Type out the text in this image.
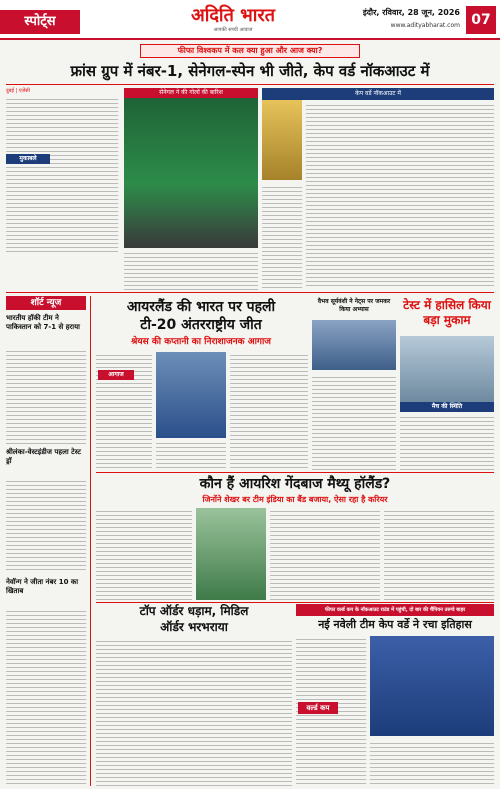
स्पोर्ट्स	अदिति भारत
आपकी सच्ची आवाज
इंदौर, रविवार, 28 जून, 2026
www.adityabharat.com 07
फीफा विश्वकप में कल क्या हुआ और आज क्या?
फ्रांस ग्रुप में नंबर-1, सेनेगल-स्पेन भी जीते, केप वर्ड नॉकआउट में
दुबई | एजेंसी
मुकाबले
सेनेगल ने की गोलों की बारिश	केप वर्डे नॉकआउट में
शॉर्ट न्यूज
भारतीय हॉकी टीम ने पाकिस्तान को 7-1 से हराया
श्रीलंका-वेस्टइंडीज पहला टेस्ट ड्रॉ
नेवॉन्ग ने जीता नंबर 10 का खिताब
आयरलैंड की भारत पर पहली
टी-20 अंतरराष्ट्रीय जीत
श्रेयस की कप्तानी का निराशाजनक आगाज
आगाज
वैभव सूर्यवंशी ने नेट्स पर जमकर किया अभ्यास	टेस्ट में हासिल किया बड़ा मुकाम
मैच की स्थिति
कौन हैं आयरिश गेंदबाज मैथ्यू हॉलैंड?
जिनोंने शेखर बर टीम इंडिया का बैंड बजाया, ऐसा रहा है करियर
टॉप ऑर्डर धड़ाम, मिडिल
ऑर्डर भरभराया
फीफा वर्ल्ड कप के नॉकआउट राउंड में पहुंची, दो बार की चैंपियन उरुग्वे बाहर
नई नवेली टीम केप वर्डे ने रचा इतिहास
वर्ल्ड कप
